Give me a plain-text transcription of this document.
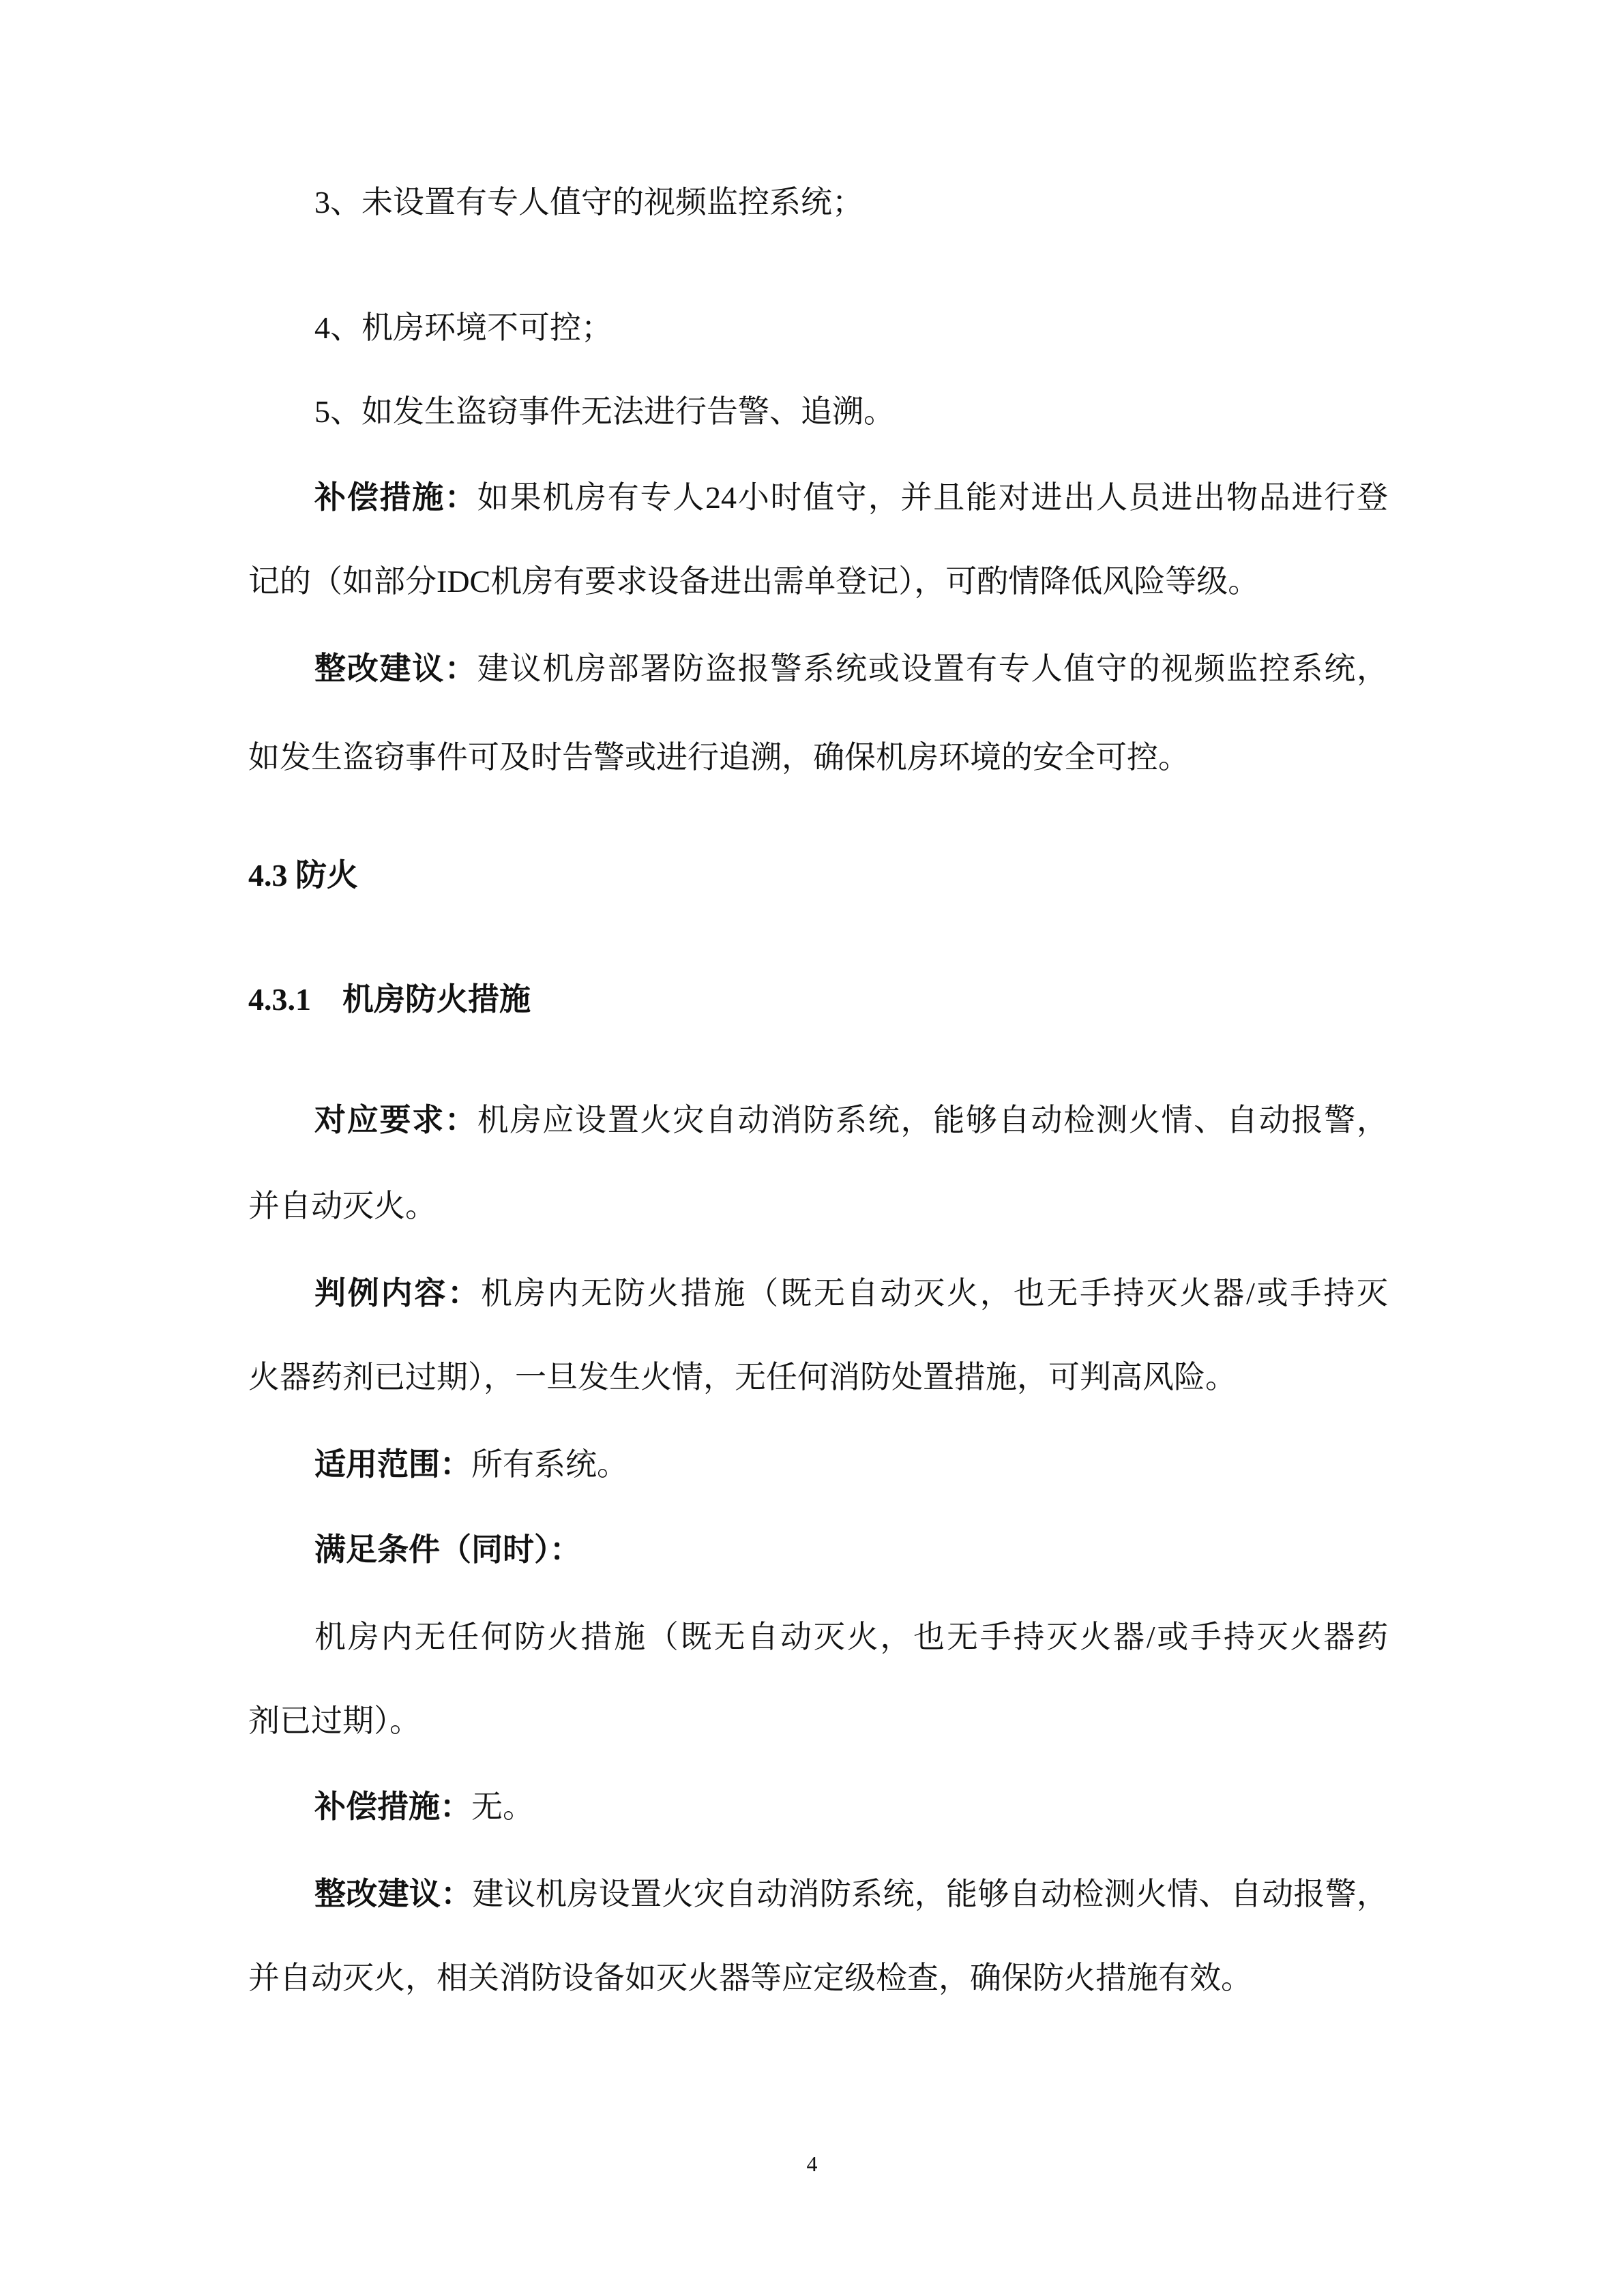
3、未设置有专人值守的视频监控系统；
4、机房环境不可控；
5、如发生盗窃事件无法进行告警、追溯。
补偿措施：如果机房有专人24小时值守，并且能对进出人员进出物品进行登
记的（如部分IDC机房有要求设备进出需单登记），可酌情降低风险等级。
整改建议：建议机房部署防盗报警系统或设置有专人值守的视频监控系统，
如发生盗窃事件可及时告警或进行追溯，确保机房环境的安全可控。
4.3 防火
4.3.1　机房防火措施
对应要求：机房应设置火灾自动消防系统，能够自动检测火情、自动报警，
并自动灭火。
判例内容：机房内无防火措施（既无自动灭火，也无手持灭火器/或手持灭
火器药剂已过期），一旦发生火情，无任何消防处置措施，可判高风险。
适用范围：所有系统。
满足条件（同时）：
机房内无任何防火措施（既无自动灭火，也无手持灭火器/或手持灭火器药
剂已过期）。
补偿措施：无。
整改建议：建议机房设置火灾自动消防系统，能够自动检测火情、自动报警，
并自动灭火，相关消防设备如灭火器等应定级检查，确保防火措施有效。
4
